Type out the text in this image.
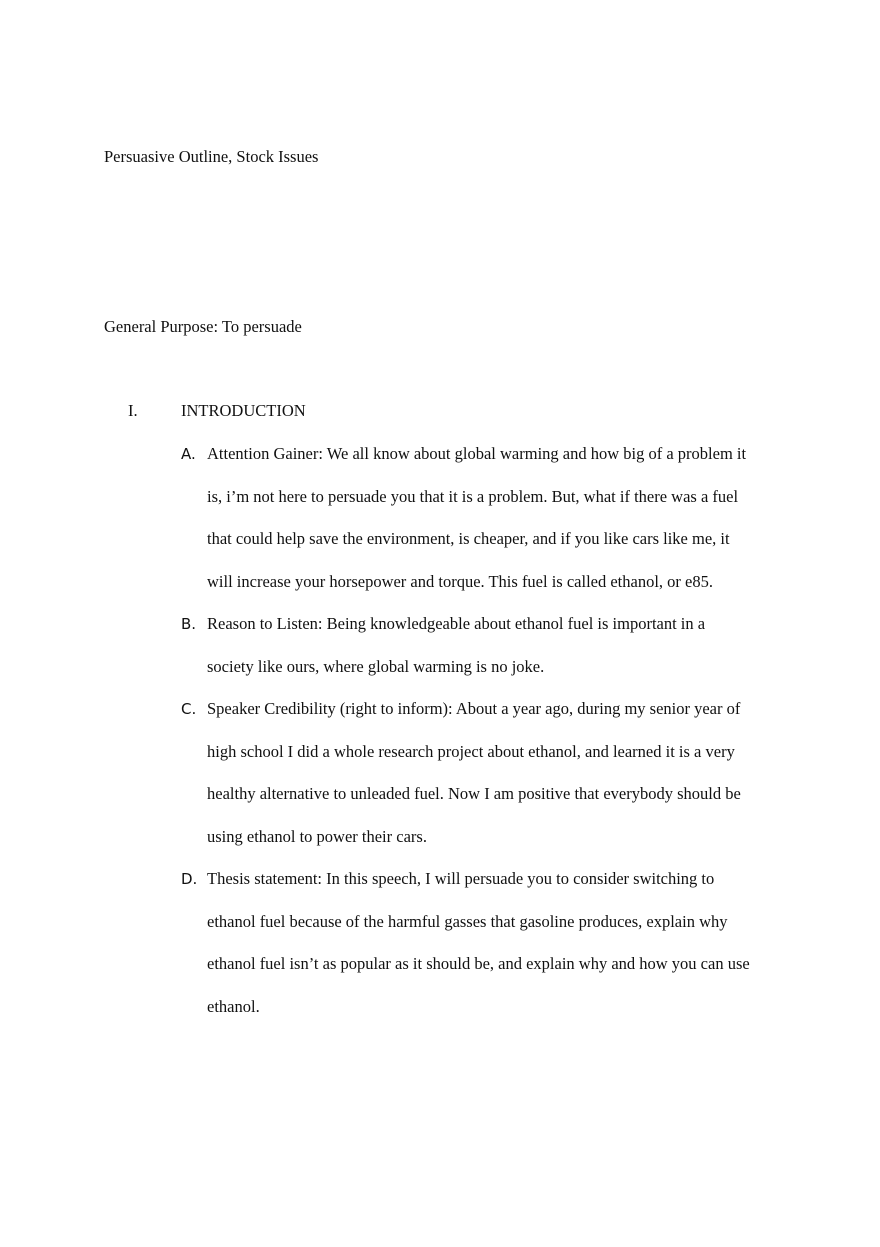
Persuasive Outline, Stock Issues
General Purpose: To persuade
I.	INTRODUCTION
A. Attention Gainer: We all know about global warming and how big of a problem it
is, i’m not here to persuade you that it is a problem. But, what if there was a fuel
that could help save the environment, is cheaper, and if you like cars like me, it
will increase your horsepower and torque. This fuel is called ethanol, or e85.
B. Reason to Listen: Being knowledgeable about ethanol fuel is important in a
society like ours, where global warming is no joke.
C. Speaker Credibility (right to inform): About a year ago, during my senior year of
high school I did a whole research project about ethanol, and learned it is a very
healthy alternative to unleaded fuel. Now I am positive that everybody should be
using ethanol to power their cars.
D. Thesis statement: In this speech, I will persuade you to consider switching to
ethanol fuel because of the harmful gasses that gasoline produces, explain why
ethanol fuel isn’t as popular as it should be, and explain why and how you can use
ethanol.
